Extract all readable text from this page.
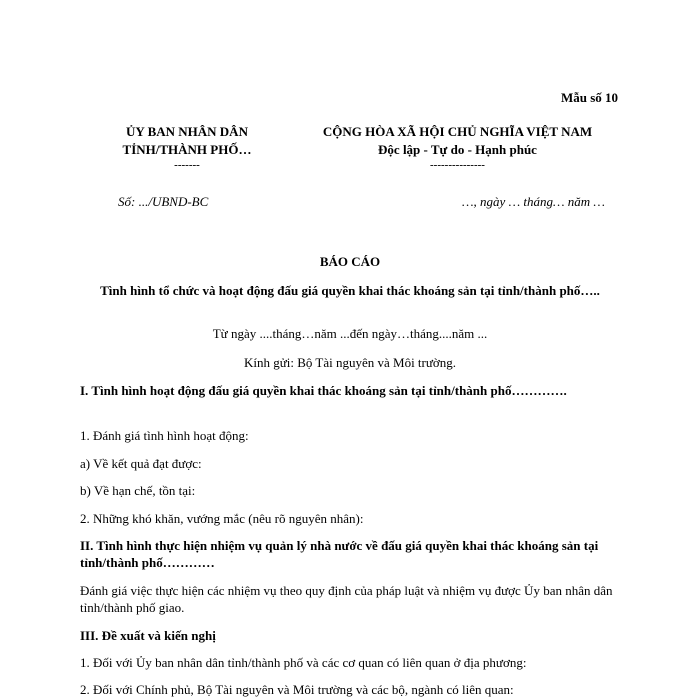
Mẫu số 10
ỦY BAN NHÂN DÂN
TỈNH/THÀNH PHỐ…
-------
CỘNG HÒA XÃ HỘI CHỦ NGHĨA VIỆT NAM
Độc lập - Tự do - Hạnh phúc
---------------
Số: .../UBND-BC	…, ngày … tháng… năm …
BÁO CÁO
Tình hình tổ chức và hoạt động đấu giá quyền khai thác khoáng sản tại tỉnh/thành phố…..
Từ ngày ....tháng…năm ...đến ngày…tháng....năm ...
Kính gửi: Bộ Tài nguyên và Môi trường.
I. Tình hình hoạt động đấu giá quyền khai thác khoáng sản tại tỉnh/thành phố………….
1. Đánh giá tình hình hoạt động:
a) Về kết quả đạt được:
b) Về hạn chế, tồn tại:
2. Những khó khăn, vướng mắc (nêu rõ nguyên nhân):
II. Tình hình thực hiện nhiệm vụ quản lý nhà nước về đấu giá quyền khai thác khoáng sản tại tỉnh/thành phố…………
Đánh giá việc thực hiện các nhiệm vụ theo quy định của pháp luật và nhiệm vụ được Ủy ban nhân dân tỉnh/thành phố giao.
III. Đề xuất và kiến nghị
1. Đối với Ủy ban nhân dân tỉnh/thành phố và các cơ quan có liên quan ở địa phương:
2. Đối với Chính phủ, Bộ Tài nguyên và Môi trường và các bộ, ngành có liên quan:
